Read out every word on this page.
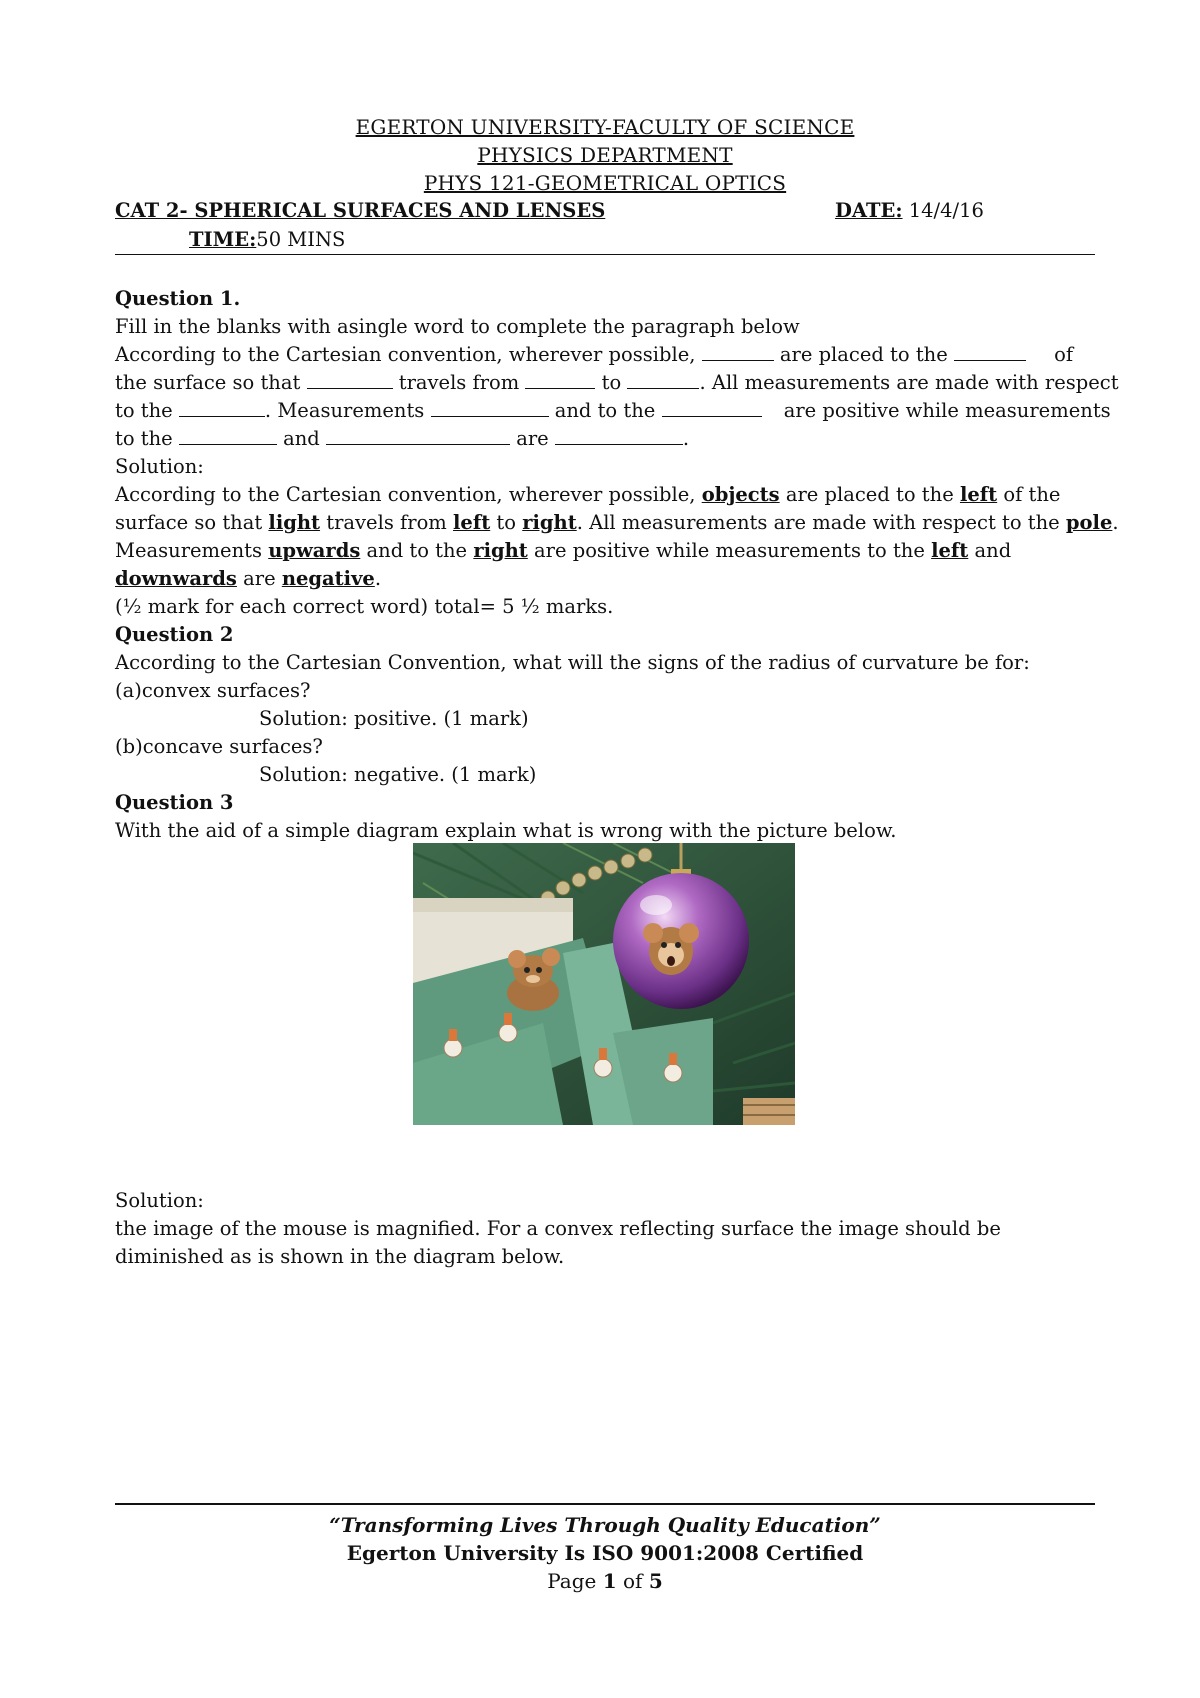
EGERTON UNIVERSITY-FACULTY OF SCIENCE
PHYSICS DEPARTMENT
PHYS 121-GEOMETRICAL OPTICS
CAT 2- SPHERICAL SURFACES AND LENSES	DATE: 14/4/16
TIME:50 MINS
Question 1.
Fill in the blanks with asingle word to complete the paragraph below
According to the Cartesian convention, wherever possible,	are placed to the	of
the surface so that	travels from	to	. All measurements are made with respect
to the	. Measurements	and to the	are positive while measurements
to the	and	are	.
Solution:
According to the Cartesian convention, wherever possible, objects are placed to the left of the
surface so that light travels from left to right. All measurements are made with respect to the pole.
Measurements upwards and to the right are positive while measurements to the left and
downwards are negative.
(½ mark for each correct word) total= 5 ½ marks.
Question 2
According to the Cartesian Convention, what will the signs of the radius of curvature be for:
(a)convex surfaces?
Solution: positive. (1 mark)
(b)concave surfaces?
Solution: negative. (1 mark)
Question 3
With the aid of a simple diagram explain what is wrong with the picture below.
Solution:
the image of the mouse is magnified. For a convex reflecting surface the image should be
diminished as is shown in the diagram below.
“Transforming Lives Through Quality Education”
Egerton University Is ISO 9001:2008 Certified
Page 1 of 5
